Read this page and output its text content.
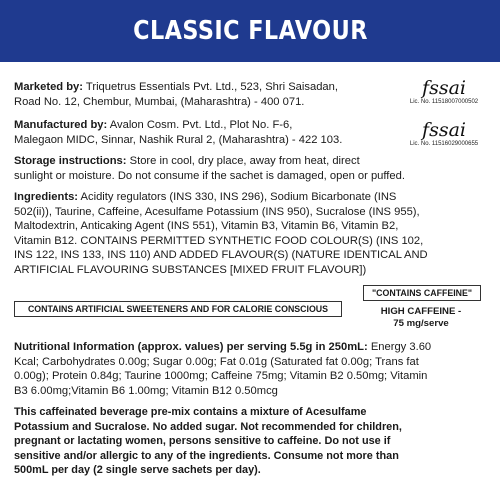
CLASSIC FLAVOUR
Marketed by: Triquetrus Essentials Pvt. Ltd., 523, Shri Saisadan,
Road No. 12, Chembur, Mumbai, (Maharashtra) - 400 071.
fssai
Lic. No. 11518007000502
Manufactured by: Avalon Cosm. Pvt. Ltd., Plot No. F-6,
Malegaon MIDC, Sinnar, Nashik Rural 2, (Maharashtra) - 422 103.	fssai
Lic. No. 11516029000655
Storage instructions: Store in cool, dry place, away from heat, direct
sunlight or moisture. Do not consume if the sachet is damaged, open or puffed.
Ingredients: Acidity regulators (INS 330, INS 296), Sodium Bicarbonate (INS
502(ii)), Taurine, Caffeine, Acesulfame Potassium (INS 950), Sucralose (INS 955),
Maltodextrin, Anticaking Agent (INS 551), Vitamin B3, Vitamin B6, Vitamin B2,
Vitamin B12. CONTAINS PERMITTED SYNTHETIC FOOD COLOUR(S) (INS 102,
INS 122, INS 133, INS 110) AND ADDED FLAVOUR(S) (NATURE IDENTICAL AND
ARTIFICIAL FLAVOURING SUBSTANCES [MIXED FRUIT FLAVOUR])
"CONTAINS CAFFEINE"
CONTAINS ARTIFICIAL SWEETENERS AND FOR CALORIE CONSCIOUS	HIGH CAFFEINE -
75 mg/serve
Nutritional Information (approx. values) per serving 5.5g in 250mL: Energy 3.60
Kcal; Carbohydrates 0.00g; Sugar 0.00g; Fat 0.01g (Saturated fat 0.00g; Trans fat
0.00g); Protein 0.84g; Taurine 1000mg; Caffeine 75mg; Vitamin B2 0.50mg; Vitamin
B3 6.00mg;Vitamin B6 1.00mg; Vitamin B12 0.50mcg
This caffeinated beverage pre-mix contains a mixture of Acesulfame
Potassium and Sucralose. No added sugar. Not recommended for children,
pregnant or lactating women, persons sensitive to caffeine. Do not use if
sensitive and/or allergic to any of the ingredients. Consume not more than
500mL per day (2 single serve sachets per day).
